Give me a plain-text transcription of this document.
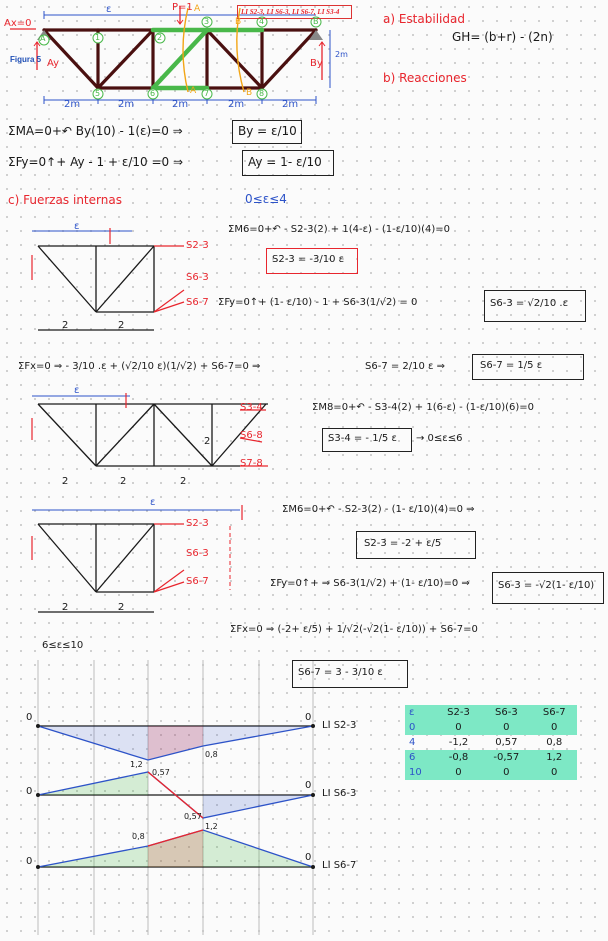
Ax=0
P=1
ε	LI S2-3, LI S6-3, LI S6-7, LI S3-4
Figura 5 Ay	By
2m
2m	2m	2m	2m	2m
A	1	2
3	4	B
5	6	7	8
A
A
B
B
a) Estabilidad
GH= (b+r) - (2n)
b) Reacciones
ΣMA=0+↶ By(10) - 1(ε)=0 ⇒	By = ε/10
ΣFy=0↑+ Ay - 1 + ε/10 =0 ⇒	Ay = 1- ε/10
c) Fuerzas internas	0≤ε≤4
ΣM6=0+↶ - S2-3(2) + 1(4-ε) - (1-ε/10)(4)=0
S2-3 = -3/10 ε
ΣFy=0↑+ (1- ε/10) - 1 + S6-3(1/√2) = 0	S6-3 = √2/10 .ε
ΣFx=0 ⇒ - 3/10 .ε + (√2/10 ε)(1/√2) + S6-7=0 ⇒	S6-7 = 2/10 ε ⇒	S6-7 = 1/5 ε
ΣM8=0+↶ - S3-4(2) + 1(6-ε) - (1-ε/10)(6)=0
S3-4 = - 1/5 ε → 0≤ε≤6
ΣM6=0+↶ - S2-3(2) - (1- ε/10)(4)=0 ⇒
S2-3 = -2 + ε/5
ΣFy=0↑+ ⇒ S6-3(1/√2) + (1- ε/10)=0 ⇒	S6-3 = -√2(1- ε/10)
ΣFx=0 ⇒ (-2+ ε/5) + 1/√2(-√2(1- ε/10)) + S6-7=0
S6-7 = 3 - 3/10 ε
6≤ε≤10
S2-3
S6-3
S6-7
S3-4
S6-8
S7-8
S2-3
S6-3
S6-7
ε
ε
ε
2	2
2	2	2
2
2	2
0	0
0
0
0	0
LI S2-3
LI S6-3
LI S6-7
1,2
0,57
0,8
0,57
0,8
1,2
ε	S2-3	S6-3	S6-7
0	0	0	0
4	-1,2	0,57	0,8
6	-0,8	-0,57	1,2
10	0	0	0
